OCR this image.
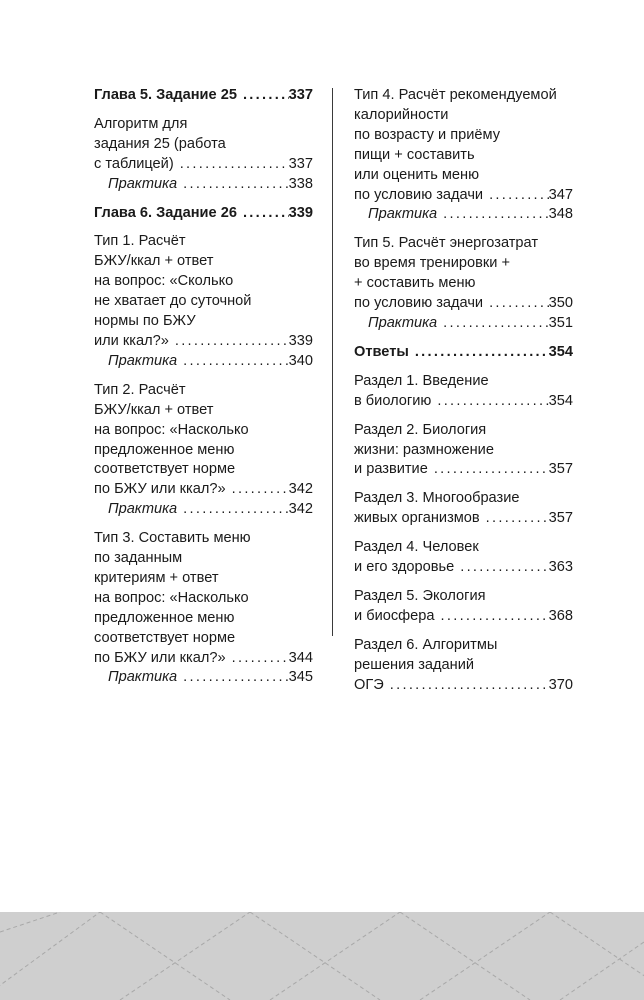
Глава 5. Задание 25 .....	337
Алгоритм для
задания 25 (работа
с таблицей) .....	337
Практика .....	338
Глава 6. Задание 26 .....	339
Тип 1. Расчёт
БЖУ/ккал + ответ
на вопрос: «Сколько
не хватает до суточной
нормы по БЖУ
или ккал?» .....	339
Практика .....	340
Тип 2. Расчёт
БЖУ/ккал + ответ
на вопрос: «Насколько
предложенное меню
соответствует норме
по БЖУ или ккал?» .....	342
Практика .....	342
Тип 3. Составить меню
по заданным
критериям + ответ
на вопрос: «Насколько
предложенное меню
соответствует норме
по БЖУ или ккал?» .....	344
Практика .....	345
Тип 4. Расчёт рекомендуемой
калорийности
по возрасту и приёму
пищи + составить
или оценить меню
по условию задачи .....	347
Практика .....	348
Тип 5. Расчёт энергозатрат
во время тренировки +
+ составить меню
по условию задачи .....	350
Практика .....	351
Ответы .....	354
Раздел 1. Введение
в биологию .....	354
Раздел 2. Биология
жизни: размножение
и развитие .....	357
Раздел 3. Многообразие
живых организмов .....	357
Раздел 4. Человек
и его здоровье .....	363
Раздел 5. Экология
и биосфера .....	368
Раздел 6. Алгоритмы
решения заданий
ОГЭ .....	370
